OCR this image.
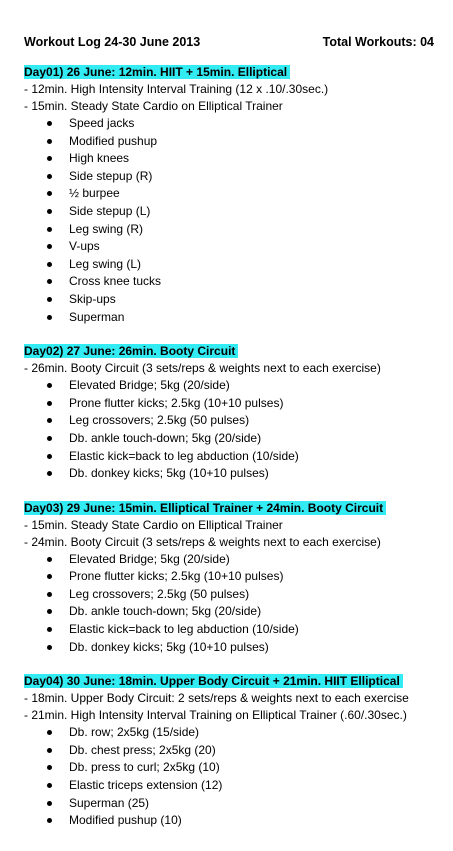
Workout Log 24-30 June 2013	Total Workouts: 04
Day01) 26 June: 12min. HIIT + 15min. Elliptical
- 12min. High Intensity Interval Training (12 x .10/.30sec.)
- 15min. Steady State Cardio on Elliptical Trainer
Speed jacks
Modified pushup
High knees
Side stepup (R)
½ burpee
Side stepup (L)
Leg swing (R)
V-ups
Leg swing (L)
Cross knee tucks
Skip-ups
Superman
Day02) 27 June: 26min. Booty Circuit
- 26min. Booty Circuit (3 sets/reps & weights next to each exercise)
Elevated Bridge; 5kg (20/side)
Prone flutter kicks; 2.5kg (10+10 pulses)
Leg crossovers; 2.5kg (50 pulses)
Db. ankle touch-down; 5kg (20/side)
Elastic kick=back to leg abduction (10/side)
Db. donkey kicks; 5kg (10+10 pulses)
Day03) 29 June: 15min. Elliptical Trainer + 24min. Booty Circuit
- 15min. Steady State Cardio on Elliptical Trainer
- 24min. Booty Circuit (3 sets/reps & weights next to each exercise)
Elevated Bridge; 5kg (20/side)
Prone flutter kicks; 2.5kg (10+10 pulses)
Leg crossovers; 2.5kg (50 pulses)
Db. ankle touch-down; 5kg (20/side)
Elastic kick=back to leg abduction (10/side)
Db. donkey kicks; 5kg (10+10 pulses)
Day04) 30 June: 18min. Upper Body Circuit + 21min. HIIT Elliptical
- 18min. Upper Body Circuit: 2 sets/reps & weights next to each exercise
- 21min. High Intensity Interval Training on Elliptical Trainer (.60/.30sec.)
Db. row; 2x5kg (15/side)
Db. chest press; 2x5kg (20)
Db. press to curl; 2x5kg (10)
Elastic triceps extension (12)
Superman (25)
Modified pushup (10)
